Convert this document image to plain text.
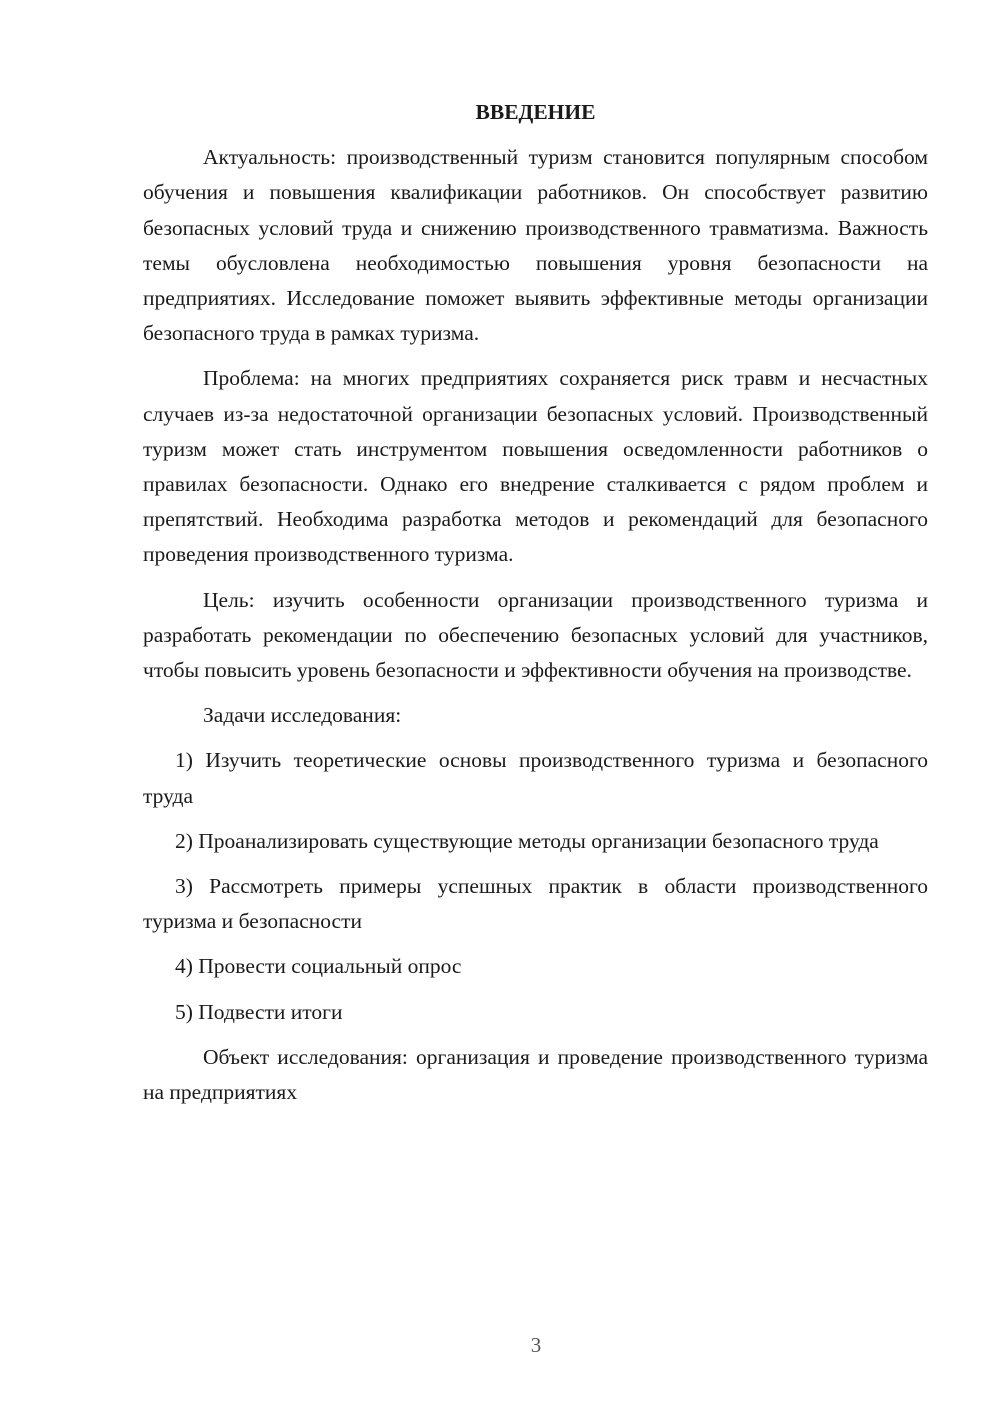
ВВЕДЕНИЕ

Актуальность: производственный туризм становится популярным способом обучения и повышения квалификации работников. Он способствует развитию безопасных условий труда и снижению производственного травматизма. Важность темы обусловлена необходимостью повышения уровня безопасности на предприятиях. Исследование поможет выявить эффективные методы организации безопасного труда в рамках туризма.

Проблема: на многих предприятиях сохраняется риск травм и несчастных случаев из-за недостаточной организации безопасных условий. Производственный туризм может стать инструментом повышения осведомленности работников о правилах безопасности. Однако его внедрение сталкивается с рядом проблем и препятствий. Необходима разработка методов и рекомендаций для безопасного проведения производственного туризма.

Цель: изучить особенности организации производственного туризма и разработать рекомендации по обеспечению безопасных условий для участников, чтобы повысить уровень безопасности и эффективности обучения на производстве.

Задачи исследования:

1) Изучить теоретические основы производственного туризма и безопасного труда

2) Проанализировать существующие методы организации безопасного труда

3) Рассмотреть примеры успешных практик в области производственного туризма и безопасности

4) Провести социальный опрос

5) Подвести итоги

Объект исследования: организация и проведение производственного туризма на предприятиях

3
